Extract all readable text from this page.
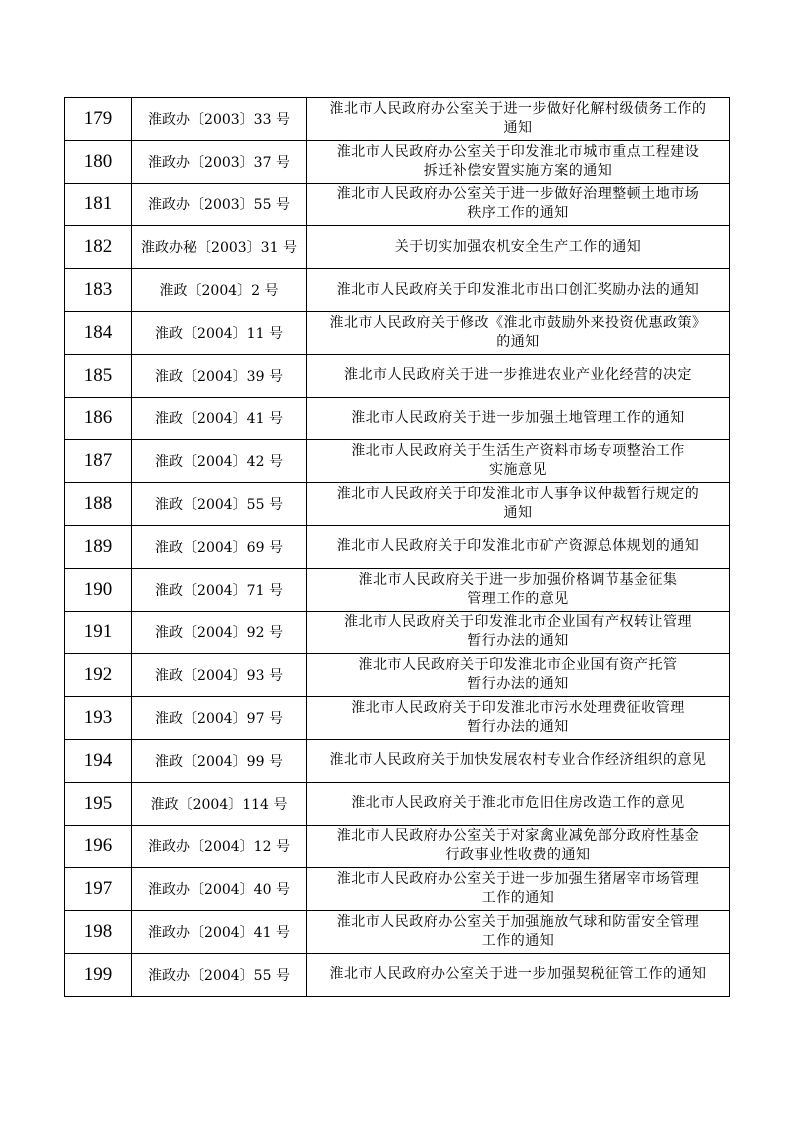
179	淮政办〔2003〕33 号	淮北市人民政府办公室关于进一步做好化解村级债务工作的
通知

180	淮政办〔2003〕37 号	淮北市人民政府办公室关于印发淮北市城市重点工程建设
拆迁补偿安置实施方案的通知

181	淮政办〔2003〕55 号	淮北市人民政府办公室关于进一步做好治理整顿土地市场
秩序工作的通知

182	淮政办秘〔2003〕31 号	关于切实加强农机安全生产工作的通知

183	淮政〔2004〕2 号	淮北市人民政府关于印发淮北市出口创汇奖励办法的通知

184	淮政〔2004〕11 号	淮北市人民政府关于修改《淮北市鼓励外来投资优惠政策》
的通知

185	淮政〔2004〕39 号	淮北市人民政府关于进一步推进农业产业化经营的决定

186	淮政〔2004〕41 号	淮北市人民政府关于进一步加强土地管理工作的通知

187	淮政〔2004〕42 号	淮北市人民政府关于生活生产资料市场专项整治工作
实施意见

188	淮政〔2004〕55 号	淮北市人民政府关于印发淮北市人事争议仲裁暂行规定的
通知

189	淮政〔2004〕69 号	淮北市人民政府关于印发淮北市矿产资源总体规划的通知

190	淮政〔2004〕71 号	淮北市人民政府关于进一步加强价格调节基金征集
管理工作的意见

191	淮政〔2004〕92 号	淮北市人民政府关于印发淮北市企业国有产权转让管理
暂行办法的通知

192	淮政〔2004〕93 号	淮北市人民政府关于印发淮北市企业国有资产托管
暂行办法的通知

193	淮政〔2004〕97 号	淮北市人民政府关于印发淮北市污水处理费征收管理
暂行办法的通知

194	淮政〔2004〕99 号	淮北市人民政府关于加快发展农村专业合作经济组织的意见

195	淮政〔2004〕114 号	淮北市人民政府关于淮北市危旧住房改造工作的意见

196	淮政办〔2004〕12 号	淮北市人民政府办公室关于对家禽业减免部分政府性基金
行政事业性收费的通知

197	淮政办〔2004〕40 号	淮北市人民政府办公室关于进一步加强生猪屠宰市场管理
工作的通知

198	淮政办〔2004〕41 号	淮北市人民政府办公室关于加强施放气球和防雷安全管理
工作的通知

199	淮政办〔2004〕55 号	淮北市人民政府办公室关于进一步加强契税征管工作的通知
